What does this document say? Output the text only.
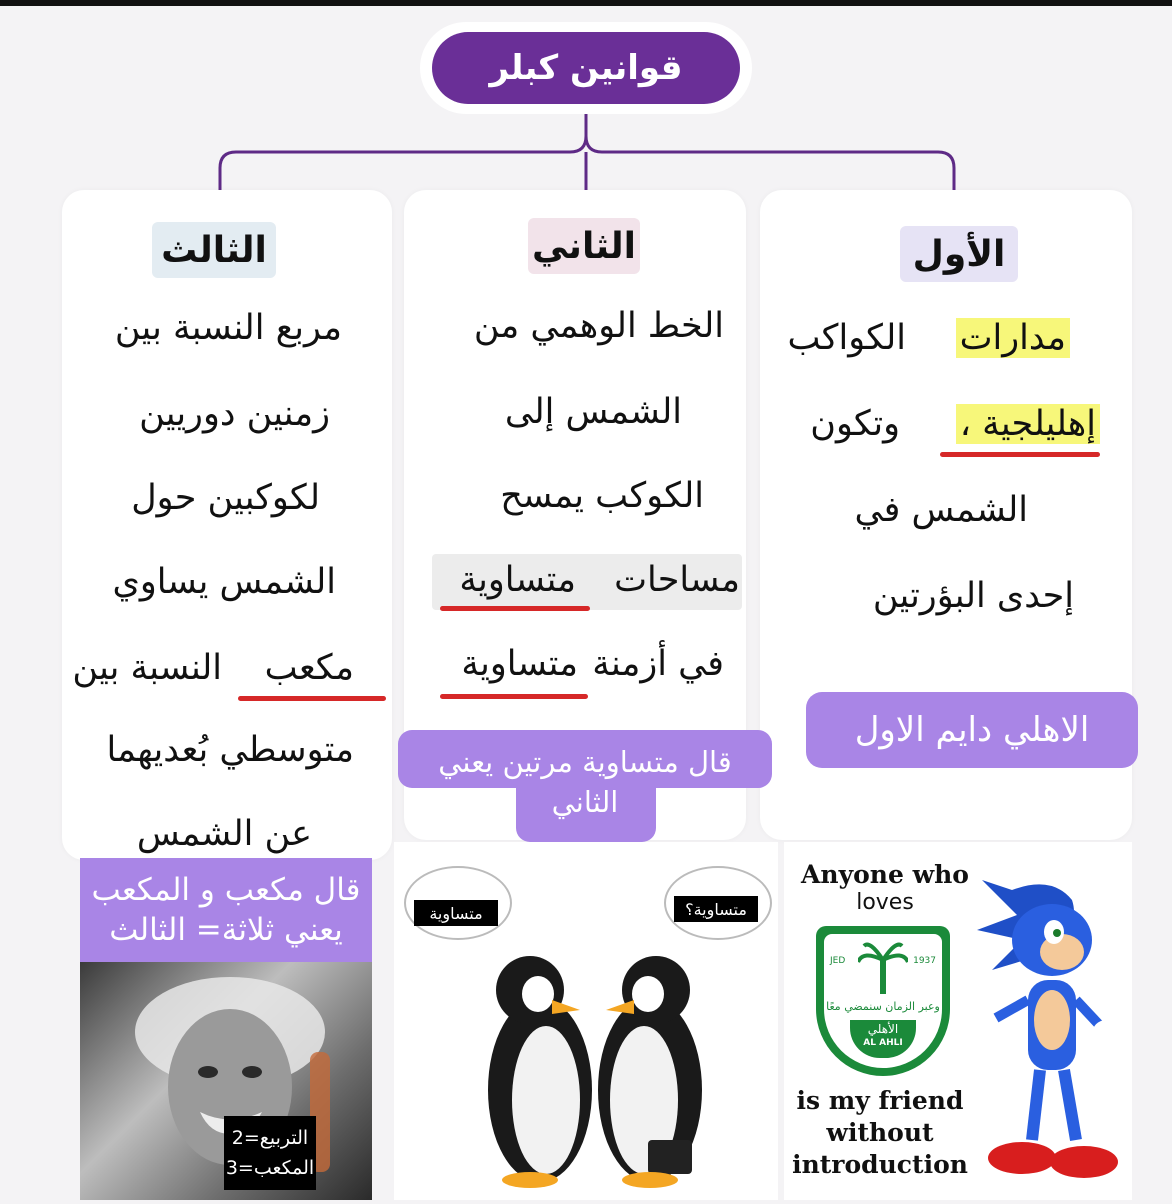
قوانين كبلر
الثالث
مربع النسبة بين
زمنين دوريين
لكوكبين حول
الشمس يساوي
مكعب
النسبة بين
متوسطي بُعديهما
عن الشمس
الثاني
الخط الوهمي من
الشمس إلى
الكوكب يمسح
مساحات
متساوية
في أزمنة
متساوية
الأول
الكواكب مدارات
وتكون إهليلجية ،
الشمس في
إحدى البؤرتين
الاهلي دايم الاول
قال متساوية مرتين يعني الثاني
قال مكعب و المكعب يعني ثلاثة= الثالث
التربيع=2
المكعب=3
متساوية	متساوية؟
Anyone who
loves
JED	1937
وعبر الزمان سنمضي معًا
الأهلي
AL AHLI
is my friend
without
introduction
